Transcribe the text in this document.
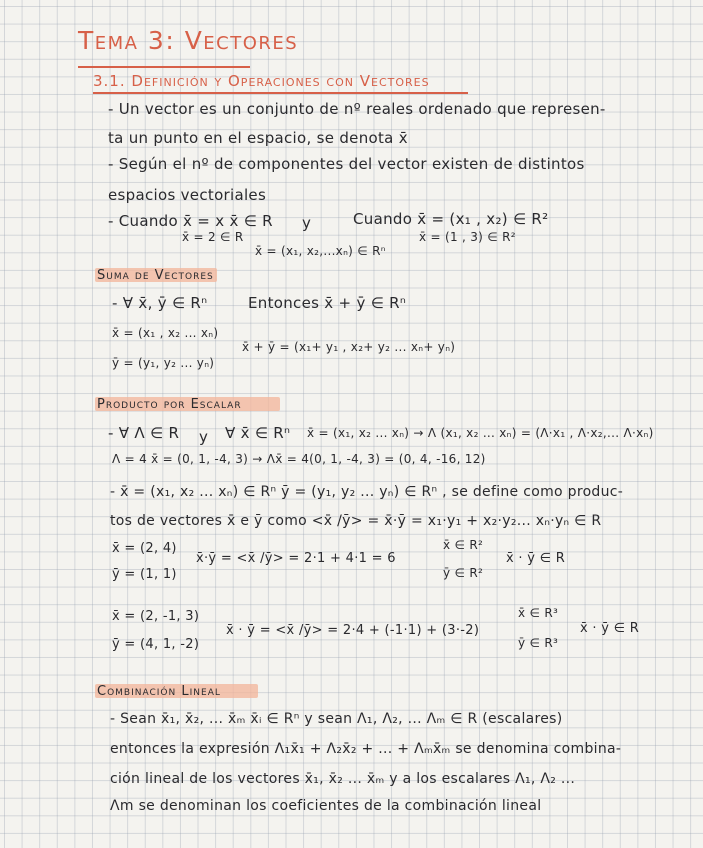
Tema 3: Vectores
3.1. Definición y Operaciones con Vectores
- Un vector es un conjunto de nº reales ordenado que represen-
ta un punto en el espacio, se denota x̄
- Según el nº de componentes del vector existen de distintos
espacios vectoriales
- Cuando x̄ = x x̄ ∈ R
x̄ = 2 ∈ R
y	Cuando x̄ = (x₁ , x₂) ∈ R²
x̄ = (1 , 3) ∈ R²
x̄ = (x₁, x₂,...xₙ) ∈ Rⁿ
Suma de Vectores
- ∀ x̄, ȳ ∈ Rⁿ	Entonces x̄ + ȳ ∈ Rⁿ
x̄ = (x₁ , x₂ ... xₙ)
x̄ + ȳ = (x₁+ y₁ , x₂+ y₂ ... xₙ+ yₙ)
ȳ = (y₁, y₂ ... yₙ)
Producto por Escalar
- ∀ Λ ∈ R y ∀ x̄ ∈ Rⁿ x̄ = (x₁, x₂ ... xₙ) → Λ (x₁, x₂ ... xₙ) = (Λ·x₁ , Λ·x₂,... Λ·xₙ)
Λ = 4 x̄ = (0, 1, -4, 3) → Λx̄ = 4(0, 1, -4, 3) = (0, 4, -16, 12)
- x̄ = (x₁, x₂ ... xₙ) ∈ Rⁿ ȳ = (y₁, y₂ ... yₙ) ∈ Rⁿ , se define como produc-
tos de vectores x̄ e ȳ como <x̄ /ȳ> = x̄·ȳ = x₁·y₁ + x₂·y₂... xₙ·yₙ ∈ R
x̄ = (2, 4)
x̄·ȳ = <x̄ /ȳ> = 2·1 + 4·1 = 6
x̄ ∈ R²
x̄ · ȳ ∈ R
ȳ = (1, 1)	ȳ ∈ R²
x̄ = (2, -1, 3)	x̄ ∈ R³
x̄ · ȳ = <x̄ /ȳ> = 2·4 + (-1·1) + (3·-2)	x̄ · ȳ ∈ R
ȳ = (4, 1, -2)	ȳ ∈ R³
Combinación Lineal
- Sean x̄₁, x̄₂, ... x̄ₘ x̄ᵢ ∈ Rⁿ y sean Λ₁, Λ₂, ... Λₘ ∈ R (escalares)
entonces la expresión Λ₁x̄₁ + Λ₂x̄₂ + ... + Λₘx̄ₘ se denomina combina-
ción lineal de los vectores x̄₁, x̄₂ ... x̄ₘ y a los escalares Λ₁, Λ₂ ...
Λm se denominan los coeficientes de la combinación lineal
